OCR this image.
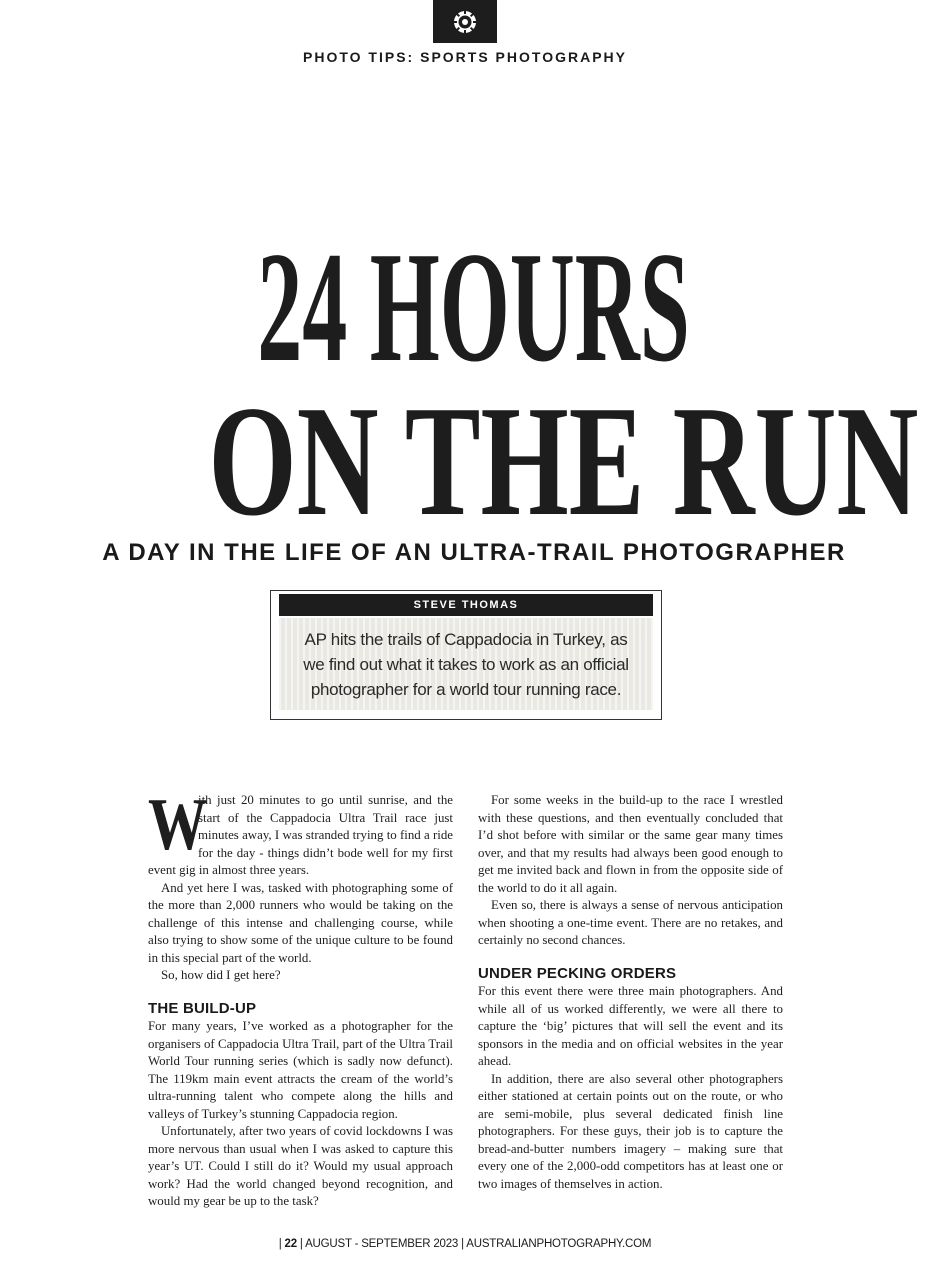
PHOTO TIPS: SPORTS PHOTOGRAPHY
24 HOURS
ON THE RUN
A DAY IN THE LIFE OF AN ULTRA-TRAIL PHOTOGRAPHER
STEVE THOMAS
AP hits the trails of Cappadocia in Turkey, as we find out what it takes to work as an official photographer for a world tour running race.

W
ith just 20 minutes to go until sunrise, and the start of the Cappadocia Ultra Trail race just minutes away, I was stranded trying to find a ride for the day - things didn’t bode well for my first event gig in almost three years.

And yet here I was, tasked with photographing some of the more than 2,000 runners who would be taking on the challenge of this intense and challenging course, while also trying to show some of the unique culture to be found in this special part of the world.

So, how did I get here?

THE BUILD-UP

For many years, I’ve worked as a photographer for the organisers of Cappadocia Ultra Trail, part of the Ultra Trail World Tour running series (which is sadly now defunct). The 119km main event attracts the cream of the world’s ultra-running talent who compete along the hills and valleys of Turkey’s stunning Cappadocia region.

Unfortunately, after two years of covid lockdowns I was more nervous than usual when I was asked to capture this year’s UT. Could I still do it? Would my usual approach work? Had the world changed beyond recognition, and would my gear be up to the task?

For some weeks in the build-up to the race I wrestled with these questions, and then eventually concluded that I’d shot before with similar or the same gear many times over, and that my results had always been good enough to get me invited back and flown in from the opposite side of the world to do it all again.

Even so, there is always a sense of nervous anticipation when shooting a one-time event. There are no retakes, and certainly no second chances.

UNDER PECKING ORDERS

For this event there were three main photographers. And while all of us worked differently, we were all there to capture the ‘big’ pictures that will sell the event and its sponsors in the media and on official websites in the year ahead.

In addition, there are also several other photographers either stationed at certain points out on the route, or who are semi-mobile, plus several dedicated finish line photographers. For these guys, their job is to capture the bread-and-butter numbers imagery – making sure that every one of the 2,000-odd competitors has at least one or two images of themselves in action.

| 22 | AUGUST - SEPTEMBER 2023 | AUSTRALIANPHOTOGRAPHY.COM
